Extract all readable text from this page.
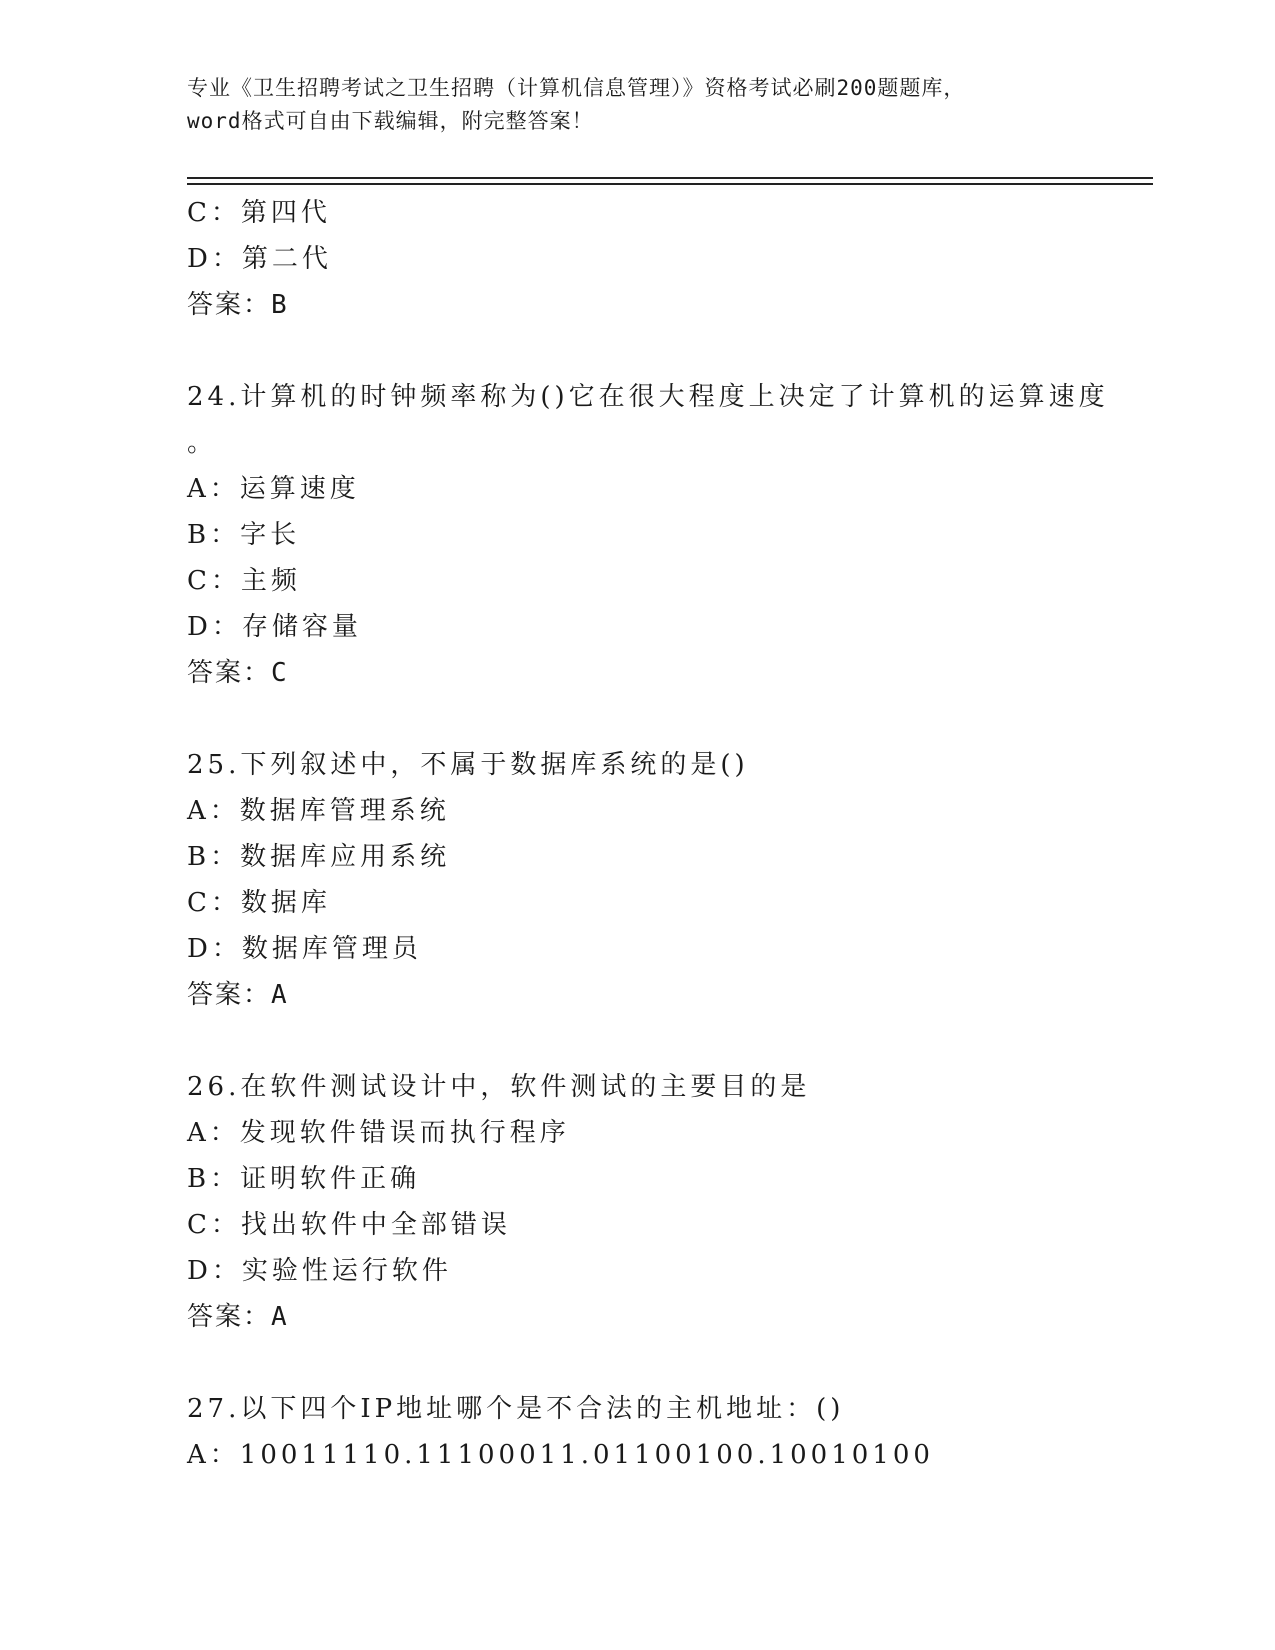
专业《卫生招聘考试之卫生招聘（计算机信息管理）》资格考试必刷200题题库，
word格式可自由下载编辑，附完整答案！
C：第四代
D：第二代
答案：B
24.计算机的时钟频率称为()它在很大程度上决定了计算机的运算速度
。
A：运算速度
B：字长
C：主频
D：存储容量
答案：C
25.下列叙述中，不属于数据库系统的是()
A：数据库管理系统
B：数据库应用系统
C：数据库
D：数据库管理员
答案：A
26.在软件测试设计中，软件测试的主要目的是
A：发现软件错误而执行程序
B：证明软件正确
C：找出软件中全部错误
D：实验性运行软件
答案：A
27.以下四个IP地址哪个是不合法的主机地址：()
A：10011110.11100011.01100100.10010100
